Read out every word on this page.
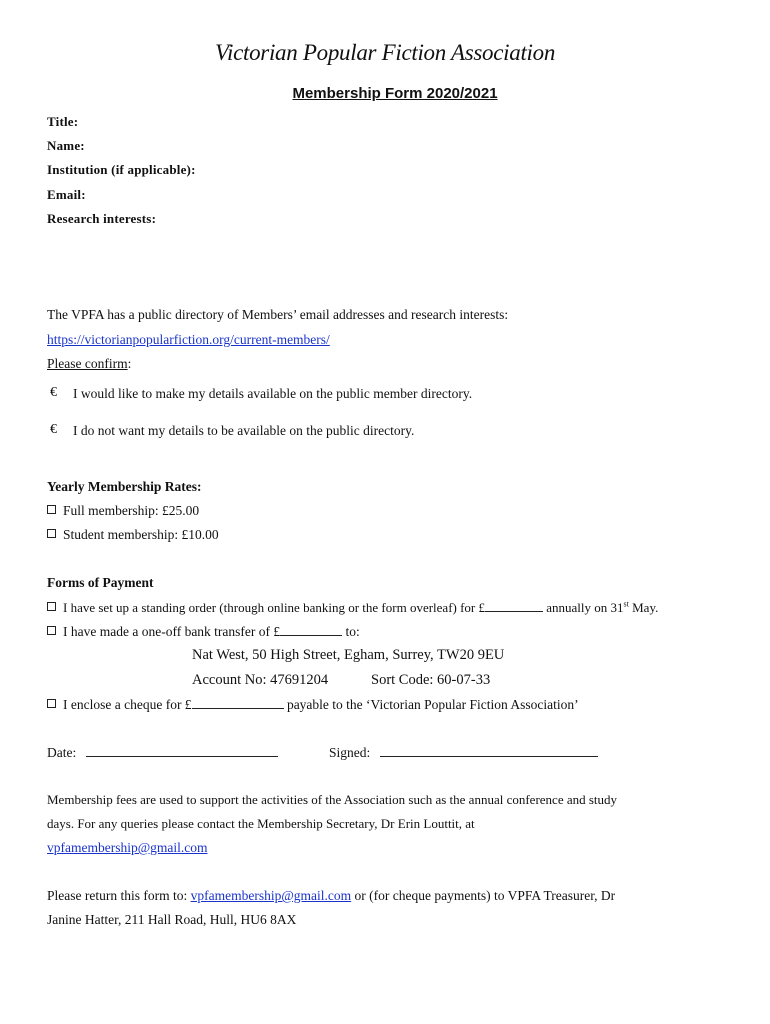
Victorian Popular Fiction Association
Membership Form 2020/2021
Title:
Name:
Institution (if applicable):
Email:
Research interests:
The VPFA has a public directory of Members’ email addresses and research interests:
https://victorianpopularfiction.org/current-members/
Please confirm:
€ I would like to make my details available on the public member directory.
€ I do not want my details to be available on the public directory.
Yearly Membership Rates:
Full membership: £25.00
Student membership: £10.00
Forms of Payment
I have set up a standing order (through online banking or the form overleaf) for £	annually on 31st May.
I have made a one-off bank transfer of £	to:
Nat West, 50 High Street, Egham, Surrey, TW20 9EU
Account No: 47691204	Sort Code: 60-07-33
I enclose a cheque for £	payable to the ‘Victorian Popular Fiction Association’
Date:	Signed:
Membership fees are used to support the activities of the Association such as the annual conference and study
days. For any queries please contact the Membership Secretary, Dr Erin Louttit, at
vpfamembership@gmail.com
Please return this form to: vpfamembership@gmail.com or (for cheque payments) to VPFA Treasurer, Dr
Janine Hatter, 211 Hall Road, Hull, HU6 8AX
